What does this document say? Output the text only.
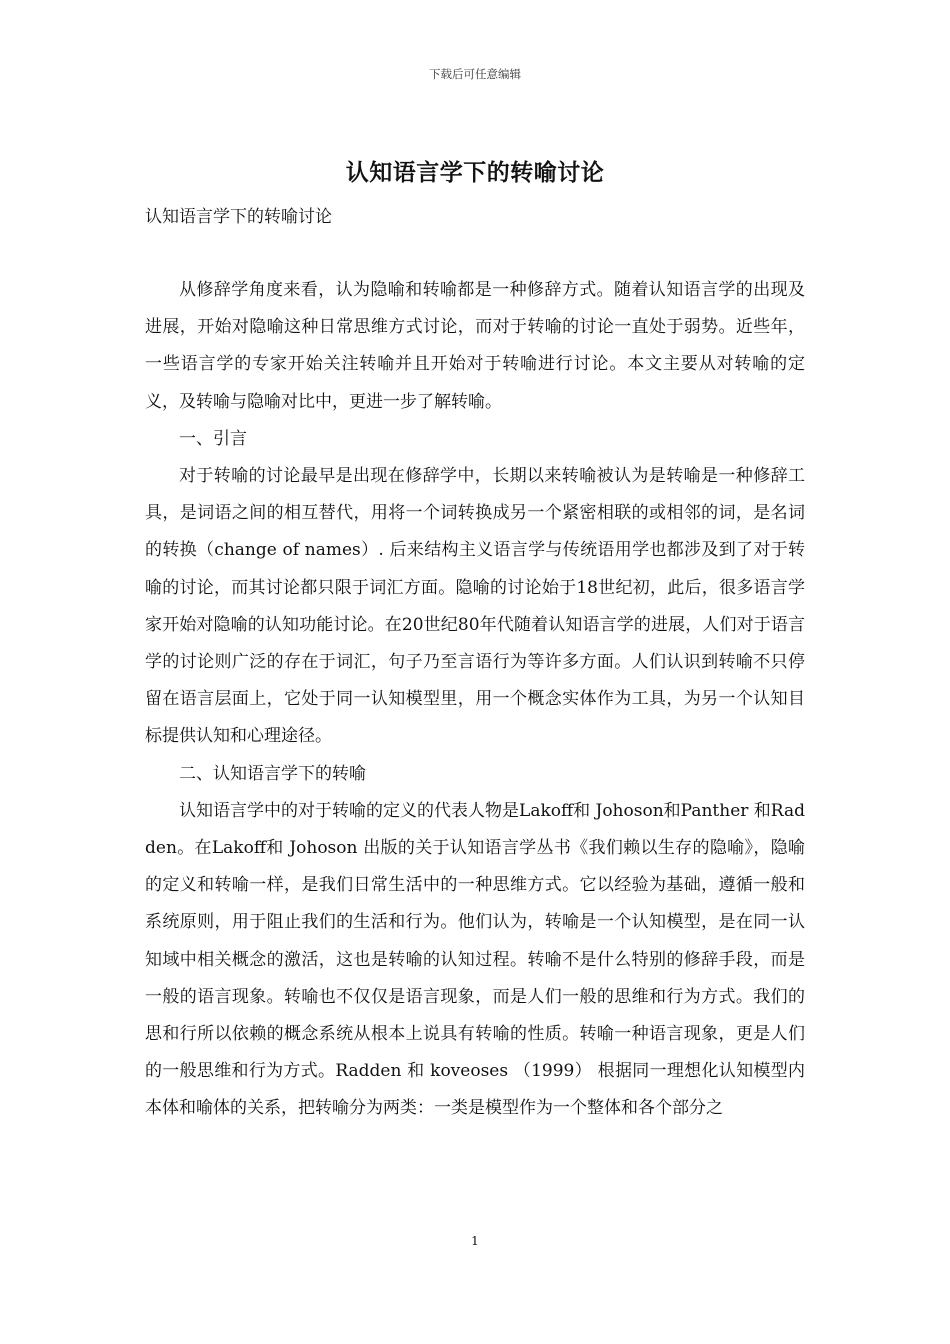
下载后可任意编辑
认知语言学下的转喻讨论
认知语言学下的转喻讨论

从修辞学角度来看，认为隐喻和转喻都是一种修辞方式。随着认知语言学的出现及进展，开始对隐喻这种日常思维方式讨论，而对于转喻的讨论一直处于弱势。近些年，一些语言学的专家开始关注转喻并且开始对于转喻进行讨论。本文主要从对转喻的定义，及转喻与隐喻对比中，更进一步了解转喻。

一、引言

对于转喻的讨论最早是出现在修辞学中，长期以来转喻被认为是转喻是一种修辞工具，是词语之间的相互替代，用将一个词转换成另一个紧密相联的或相邻的词，是名词的转换（change of names）. 后来结构主义语言学与传统语用学也都涉及到了对于转喻的讨论，而其讨论都只限于词汇方面。隐喻的讨论始于18世纪初，此后，很多语言学家开始对隐喻的认知功能讨论。在20世纪80年代随着认知语言学的进展，人们对于语言学的讨论则广泛的存在于词汇，句子乃至言语行为等许多方面。人们认识到转喻不只停留在语言层面上，它处于同一认知模型里，用一个概念实体作为工具，为另一个认知目标提供认知和心理途径。

二、认知语言学下的转喻

认知语言学中的对于转喻的定义的代表人物是Lakoff和 Johoson和Panther 和Radden。在Lakoff和 Johoson 出版的关于认知语言学丛书《我们赖以生存的隐喻》，隐喻的定义和转喻一样，是我们日常生活中的一种思维方式。它以经验为基础，遵循一般和系统原则，用于阻止我们的生活和行为。他们认为，转喻是一个认知模型，是在同一认知域中相关概念的激活，这也是转喻的认知过程。转喻不是什么特别的修辞手段，而是一般的语言现象。转喻也不仅仅是语言现象，而是人们一般的思维和行为方式。我们的思和行所以依赖的概念系统从根本上说具有转喻的性质。转喻一种语言现象，更是人们的一般思维和行为方式。Radden 和 koveoses （1999） 根据同一理想化认知模型内本体和喻体的关系，把转喻分为两类：一类是模型作为一个整体和各个部分之

1
